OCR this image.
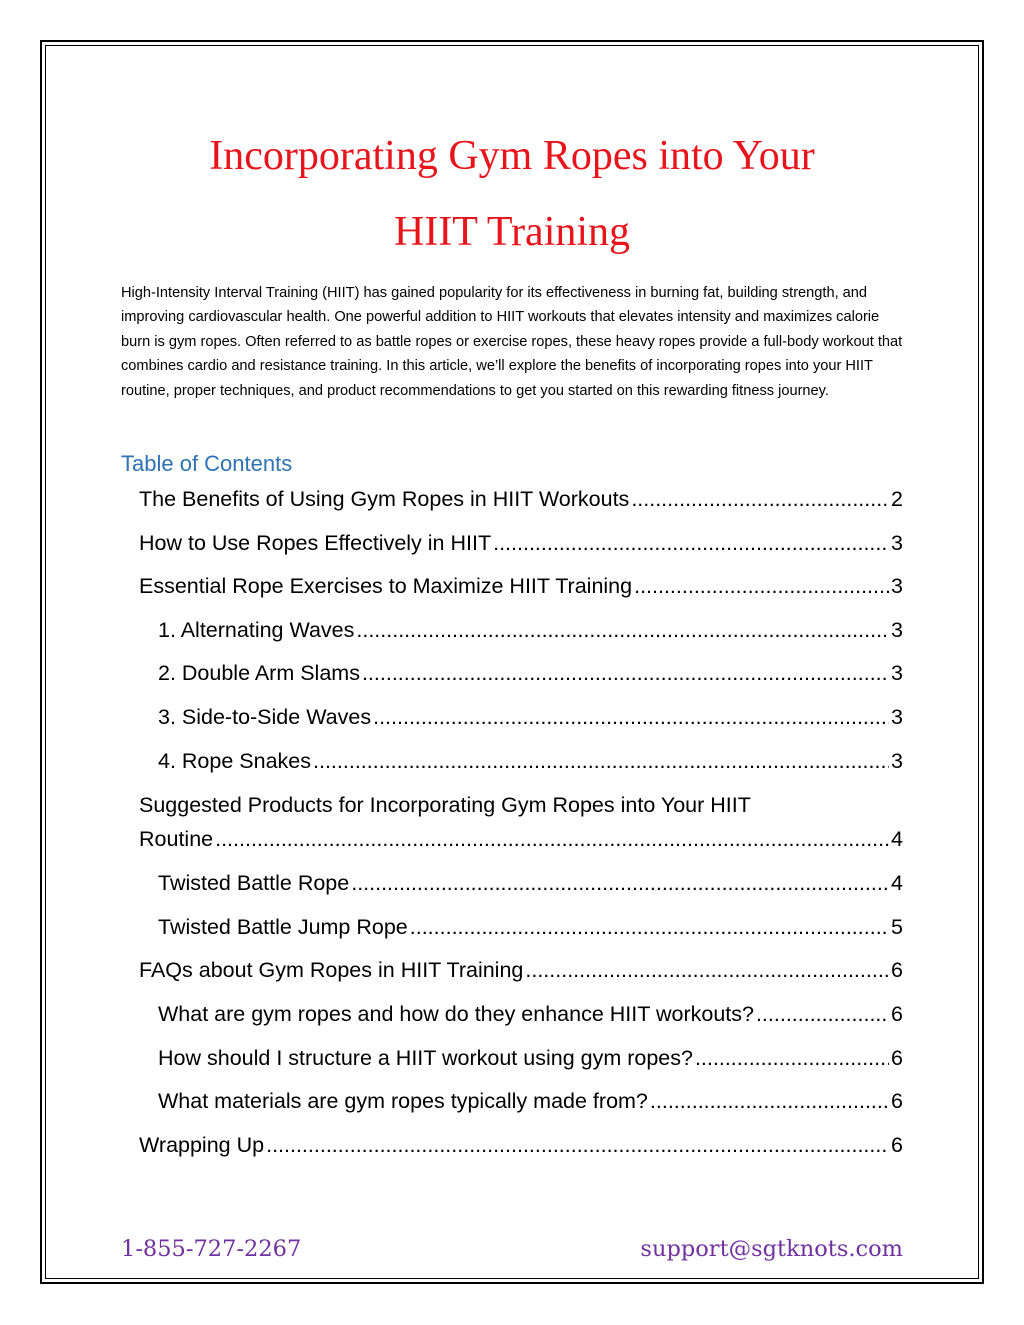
Incorporating Gym Ropes into Your
HIIT Training

High-Intensity Interval Training (HIIT) has gained popularity for its effectiveness in burning fat, building strength, and improving cardiovascular health. One powerful addition to HIIT workouts that elevates intensity and maximizes calorie burn is gym ropes. Often referred to as battle ropes or exercise ropes, these heavy ropes provide a full-body workout that combines cardio and resistance training. In this article, we’ll explore the benefits of incorporating ropes into your HIIT routine, proper techniques, and product recommendations to get you started on this rewarding fitness journey.

Table of Contents
The Benefits of Using Gym Ropes in HIIT Workouts .....	2
How to Use Ropes Effectively in HIIT .....	3
Essential Rope Exercises to Maximize HIIT Training .....	3
1. Alternating Waves .....	3
2. Double Arm Slams .....	3
3. Side-to-Side Waves .....	3
4. Rope Snakes .....	3
Suggested Products for Incorporating Gym Ropes into Your HIIT
Routine .....	4
Twisted Battle Rope .....	4
Twisted Battle Jump Rope .....	5
FAQs about Gym Ropes in HIIT Training .....	6
What are gym ropes and how do they enhance HIIT workouts? .....	6
How should I structure a HIIT workout using gym ropes? .....	6
What materials are gym ropes typically made from? .....	6
Wrapping Up .....	6

1-855-727-2267	support@sgtknots.com
